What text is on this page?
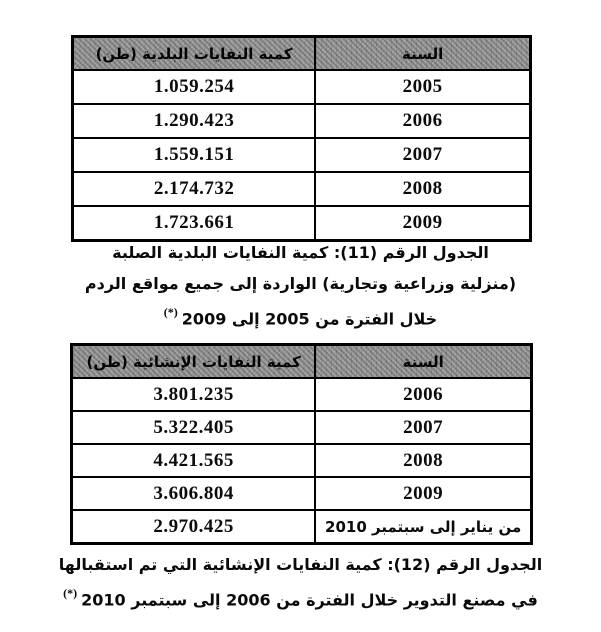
كمية النفايات البلدية (طن)	السنة
1.059.254	2005
1.290.423	2006
1.559.151	2007
2.174.732	2008
1.723.661	2009
الجدول الرقم (11): كمية النفايات البلدية الصلبة
(منزلية وزراعية وتجارية) الواردة إلى جميع مواقع الردم
خلال الفترة من 2005 إلى 2009(*)
كمية النفايات الإنشائية (طن)	السنة
3.801.235	2006
5.322.405	2007
4.421.565	2008
3.606.804	2009
2.970.425	من يناير إلى سبتمبر 2010
الجدول الرقم (12): كمية النفايات الإنشائية التي تم استقبالها
في مصنع التدوير خلال الفترة من 2006 إلى سبتمبر 2010(*)
